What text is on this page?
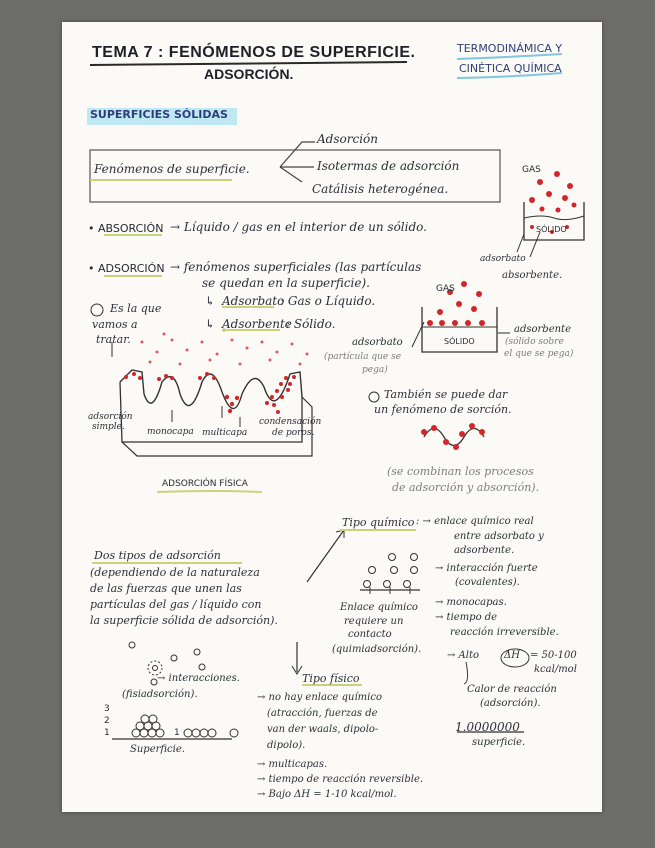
TEMA 7 : FENÓMENOS DE SUPERFICIE.
ADSORCIÓN.
TERMODINÁMICA Y
CINÉTICA QUÍMICA
SUPERFICIES SÓLIDAS
Fenómenos de superficie.
Adsorción
Isotermas de adsorción
Catálisis heterogénea.
• ABSORCIÓN → Líquido / gas en el interior de un sólido.
• ADSORCIÓN → fenómenos superficiales (las partículas
se quedan en la superficie).
↳ Adsorbato
: Gas o Líquido.
↳ Adsorbente
: Sólido.
Es la que
vamos a
tratar.
GAS
SÓLIDO
adsorbato
absorbente.
GAS
SÓLIDO
adsorbente
(sólido sobre
el que se pega)
adsorbato
(partícula que se
pega)
adsorción
simple. monocapa multicapa
condensación
de poros.
ADSORCIÓN FÍSICA
También se puede dar
un fenómeno de sorción.
(se combinan los procesos
de adsorción y absorción).
Dos tipos de adsorción
(dependiendo de la naturaleza
de las fuerzas que unen las
partículas del gas / líquido con
la superficie sólida de adsorción).
→ interacciones.
(fisiadsorción).
3
2
1	1
Superficie.
Tipo químico : → enlace químico real
entre adsorbato y
adsorbente.
→ interacción fuerte
(covalentes).
Enlace químico
requiere un
contacto
(quimiadsorción).
→ monocapas.
→ tiempo de
reacción irreversible.
→ Alto ΔH = 50-100
kcal/mol
Calor de reacción
(adsorción).
1.0000000
superficie.
Tipo físico
→ no hay enlace químico
(atracción, fuerzas de
van der waals, dipolo-
dipolo).
→ multicapas.
→ tiempo de reacción reversible.
→ Bajo ΔH = 1-10 kcal/mol.
